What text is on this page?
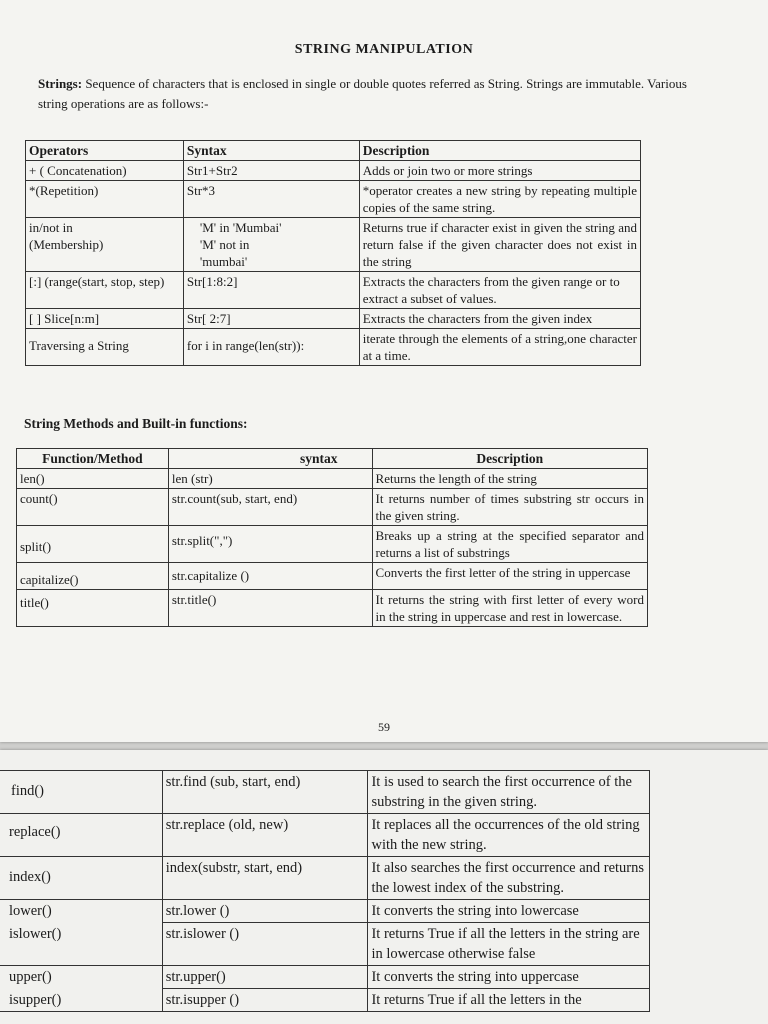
STRING MANIPULATION
Strings: Sequence of characters that is enclosed in single or double quotes referred as String. Strings are immutable. Various string operations are as follows:-
Operators	Syntax	Description
+ ( Concatenation)	Str1+Str2	Adds or join two or more strings
*(Repetition)	Str*3	*operator creates a new string by repeating multiple copies of the same string.
in/not in (Membership)	'M' in 'Mumbai' 'M' not in 'mumbai'	Returns true if character exist in given the string and return false if the given character does not exist in the string
[:] (range(start, stop, step)	Str[1:8:2]	Extracts the characters from the given range or to extract a subset of values.
[ ] Slice[n:m]	Str[ 2:7]	Extracts the characters from the given index
Traversing a String	for i in range(len(str)):	iterate through the elements of a string,one character at a time.
String Methods and Built-in functions:
Function/Method	syntax	Description
len()	len (str)	Returns the length of the string
count()	str.count(sub, start, end)	It returns number of times substring str occurs in the given string.
split()	str.split(",")	Breaks up a string at the specified separator and returns a list of substrings
capitalize()	str.capitalize ()	Converts the first letter of the string in uppercase
title()	str.title()	It returns the string with first letter of every word in the string in uppercase and rest in lowercase.
59
find()	str.find (sub, start, end)	It is used to search the first occurrence of the substring in the given string.
replace()	str.replace (old, new)	It replaces all the occurrences of the old string with the new string.
index()	index(substr, start, end)	It also searches the first occurrence and returns the lowest index of the substring.
lower()	str.lower ()	It converts the string into lowercase
islower()	str.islower ()	It returns True if all the letters in the string are in lowercase otherwise false
upper()	str.upper()	It converts the string into uppercase
isupper()	str.isupper ()	It returns True if all the letters in the
